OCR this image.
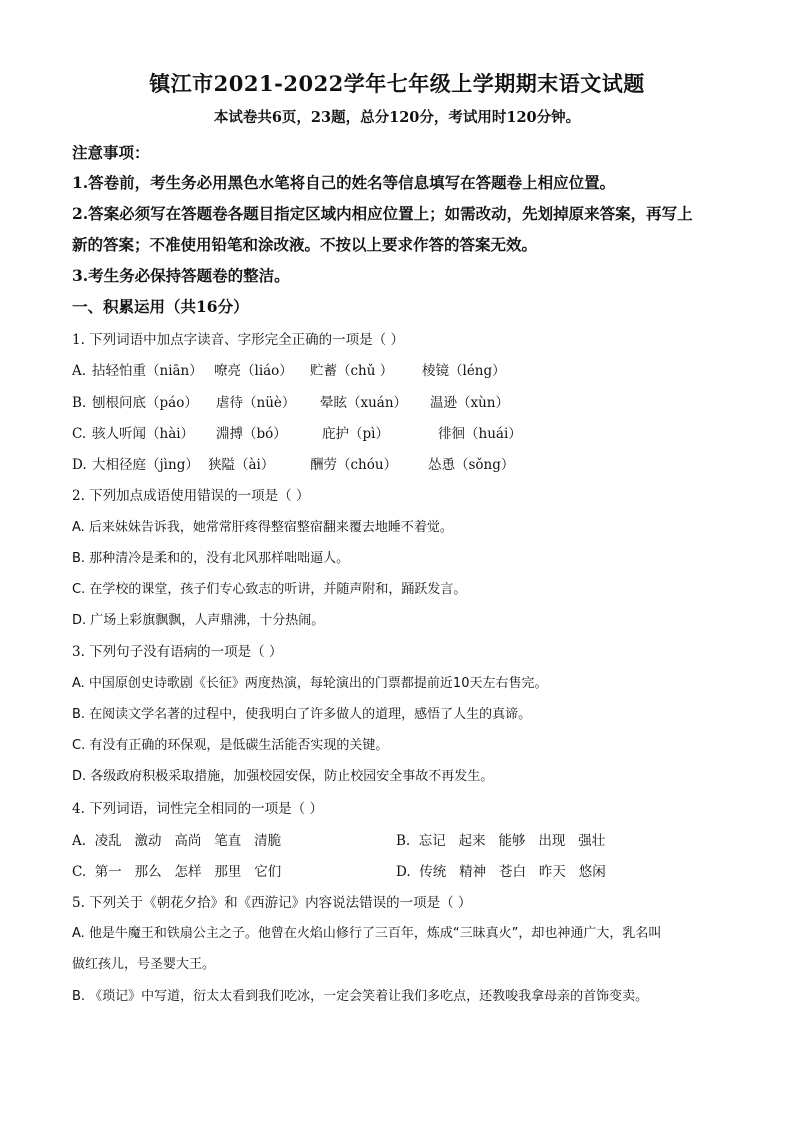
镇江市2021-2022学年七年级上学期期末语文试题
本试卷共6页，23题，总分120分，考试用时120分钟。
注意事项：
1.答卷前，考生务必用黑色水笔将自己的姓名等信息填写在答题卷上相应位置。
2.答案必须写在答题卷各题目指定区域内相应位置上；如需改动，先划掉原来答案，再写上
新的答案；不准使用铅笔和涂改液。不按以上要求作答的答案无效。
3.考生务必保持答题卷的整洁。
一、积累运用（共16分）
1. 下列词语中加点字读音、字形完全正确的一项是（ ）
A. 拈轻怕重（niān） 嘹亮（liáo） 贮蓄（chǔ ） 棱镜（léng）
B. 刨根问底（páo） 虐待（nüè） 晕眩（xuán） 温逊（xùn）
C. 骇人听闻（hài） 淵搏（bó）	庇护（pì）	徘徊（huái）
D. 大相径庭（jìng） 狭隘（ài）	酬劳（chóu） 怂恿（sǒng）
2. 下列加点成语使用错误的一项是（ ）
A. 后来妹妹告诉我，她常常肝疼得整宿整宿翻来覆去地睡不着觉。
B. 那种清冷是柔和的，没有北风那样咄咄逼人。
C. 在学校的课堂，孩子们专心致志的听讲，并随声附和，踊跃发言。
D. 广场上彩旗飘飘，人声鼎沸，十分热闹。
3. 下列句子没有语病的一项是（ ）
A. 中国原创史诗歌剧《长征》两度热演，每轮演出的门票都提前近10天左右售完。
B. 在阅读文学名著的过程中，使我明白了许多做人的道理，感悟了人生的真谛。
C. 有没有正确的环保观，是低碳生活能否实现的关键。
D. 各级政府积极采取措施，加强校园安保，防止校园安全事故不再发生。
4. 下列词语，词性完全相同的一项是（ ）
A.  凌乱   激动   高尚   笔直   清脆	B.  忘记   起来   能够   出现   强壮
C.  第一   那么   怎样   那里   它们	D.  传统   精神   苍白   昨天   悠闲
5. 下列关于《朝花夕拾》和《西游记》内容说法错误的一项是（ ）
A. 他是牛魔王和铁扇公主之子。他曾在火焰山修行了三百年，炼成“三昧真火”，却也神通广大，乳名叫
做红孩儿，号圣婴大王。
B. 《琐记》中写道，衍太太看到我们吃冰，一定会笑着让我们多吃点，还教唆我拿母亲的首饰变卖。
